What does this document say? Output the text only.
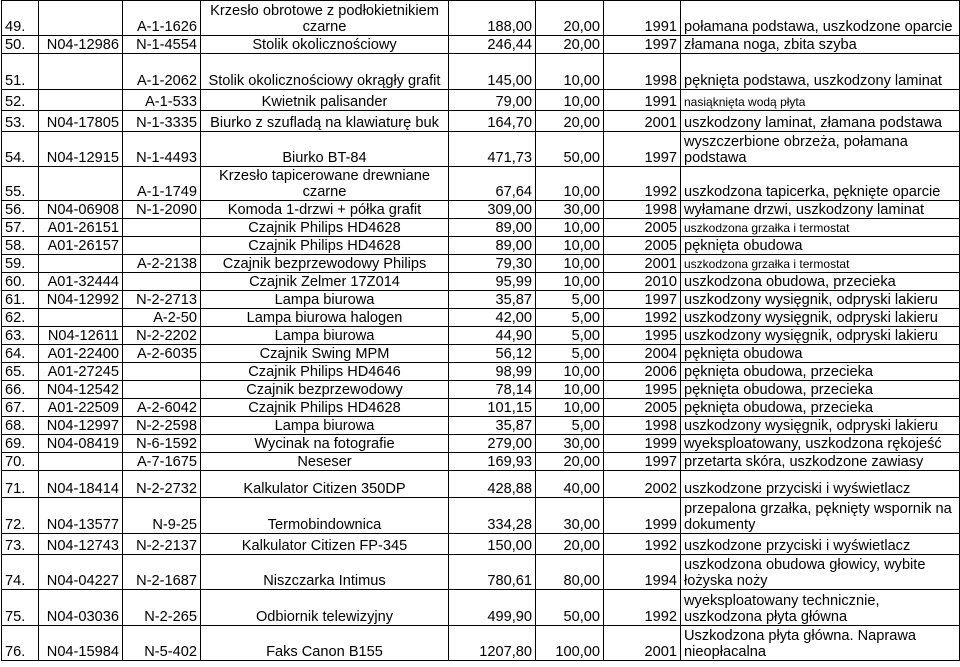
49.		A-1-1626	Krzesło obrotowe z podłokietnikiem czarne	188,00	20,00	1991	połamana podstawa, uszkodzone oparcie
50.	N04-12986	N-1-4554	Stolik okolicznościowy	246,44	20,00	1997	złamana noga, zbita szyba
51.		A-1-2062	Stolik okolicznościowy okrągły grafit	145,00	10,00	1998	pęknięta podstawa, uszkodzony laminat
52.		A-1-533	Kwietnik palisander	79,00	10,00	1991	nasiąknięta wodą płyta
53.	N04-17805	N-1-3335	Biurko z szufladą na klawiaturę buk	164,70	20,00	2001	uszkodzony laminat, złamana podstawa
54.	N04-12915	N-1-4493	Biurko BT-84	471,73	50,00	1997	wyszczerbione obrzeża, połamana podstawa
55.		A-1-1749	Krzesło tapicerowane drewniane czarne	67,64	10,00	1992	uszkodzona tapicerka, pęknięte oparcie
56.	N04-06908	N-1-2090	Komoda 1-drzwi + półka grafit	309,00	30,00	1998	wyłamane drzwi, uszkodzony laminat
57.	A01-26151		Czajnik Philips HD4628	89,00	10,00	2005	uszkodzona grzałka i termostat
58.	A01-26157		Czajnik Philips HD4628	89,00	10,00	2005	pęknięta obudowa
59.		A-2-2138	Czajnik bezprzewodowy Philips	79,30	10,00	2001	uszkodzona grzałka i termostat
60.	A01-32444		Czajnik Zelmer 17Z014	95,99	10,00	2010	uszkodzona obudowa, przecieka
61.	N04-12992	N-2-2713	Lampa biurowa	35,87	5,00	1997	uszkodzony wysięgnik, odpryski lakieru
62.		A-2-50	Lampa biurowa halogen	42,00	5,00	1992	uszkodzony wysięgnik, odpryski lakieru
63.	N04-12611	N-2-2202	Lampa biurowa	44,90	5,00	1995	uszkodzony wysięgnik, odpryski lakieru
64.	A01-22400	A-2-6035	Czajnik Swing MPM	56,12	5,00	2004	pęknięta obudowa
65.	A01-27245		Czajnik Philips HD4646	98,99	10,00	2006	pęknięta obudowa, przecieka
66.	N04-12542		Czajnik bezprzewodowy	78,14	10,00	1995	pęknięta obudowa, przecieka
67.	A01-22509	A-2-6042	Czajnik Philips HD4628	101,15	10,00	2005	pęknięta obudowa, przecieka
68.	N04-12997	N-2-2598	Lampa biurowa	35,87	5,00	1998	uszkodzony wysięgnik, odpryski lakieru
69.	N04-08419	N-6-1592	Wycinak na fotografie	279,00	30,00	1999	wyeksploatowany, uszkodzona rękojeść
70.		A-7-1675	Neseser	169,93	20,00	1997	przetarta skóra, uszkodzone zawiasy
71.	N04-18414	N-2-2732	Kalkulator Citizen 350DP	428,88	40,00	2002	uszkodzone przyciski i wyświetlacz
72.	N04-13577	N-9-25	Termobindownica	334,28	30,00	1999	przepalona grzałka, pęknięty wspornik na dokumenty
73.	N04-12743	N-2-2137	Kalkulator Citizen FP-345	150,00	20,00	1992	uszkodzone przyciski i wyświetlacz
74.	N04-04227	N-2-1687	Niszczarka Intimus	780,61	80,00	1994	uszkodzona obudowa głowicy, wybite łożyska noży
75.	N04-03036	N-2-265	Odbiornik telewizyjny	499,90	50,00	1992	wyeksploatowany technicznie, uszkodzona płyta główna
76.	N04-15984	N-5-402	Faks Canon B155	1207,80	100,00	2001	Uszkodzona płyta główna. Naprawa nieopłacalna
